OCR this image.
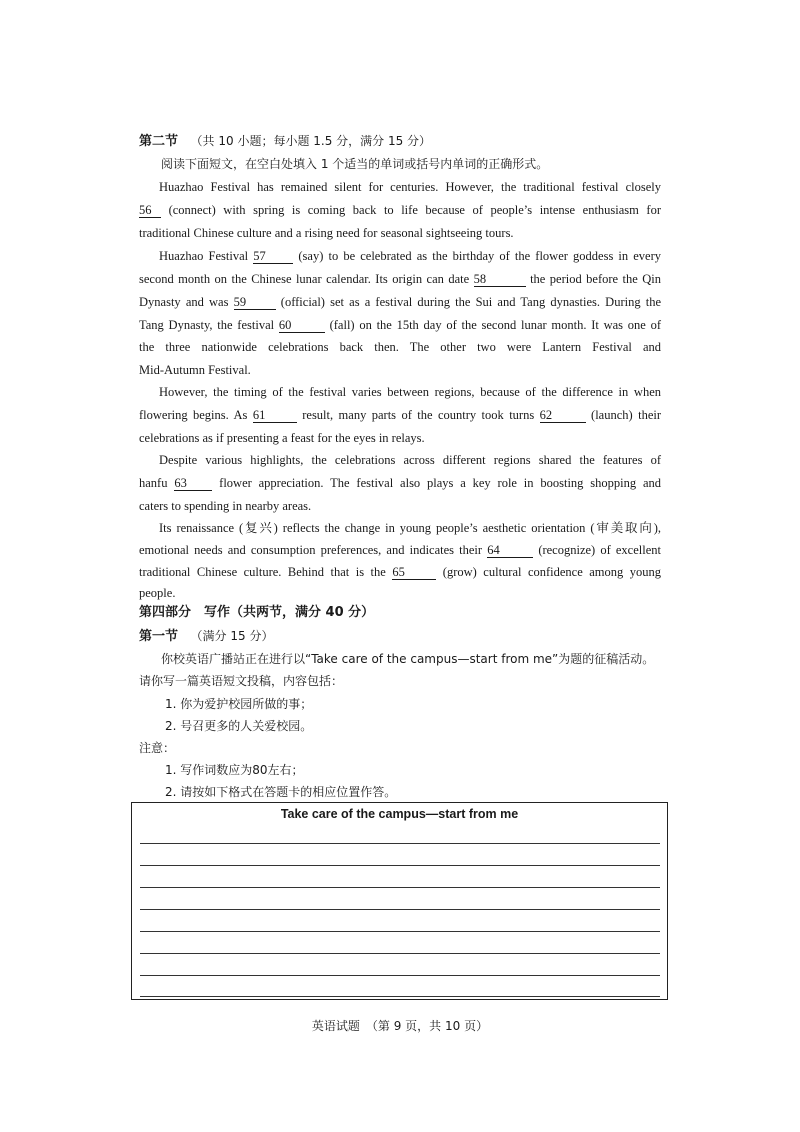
第二节 （共 10 小题；每小题 1.5 分，满分 15 分）
阅读下面短文，在空白处填入 1 个适当的单词或括号内单词的正确形式。
Huazhao Festival has remained silent for centuries. However, the traditional festival closely
56 (connect) with spring is coming back to life because of people’s intense enthusiasm for
traditional Chinese culture and a rising need for seasonal sightseeing tours.
Huazhao Festival 57	(say) to be celebrated as the birthday of the flower goddess in every
second month on the Chinese lunar calendar. Its origin can date 58	the period before the Qin
Dynasty and was 59	(official) set as a festival during the Sui and Tang dynasties. During the
Tang Dynasty, the festival 60	(fall) on the 15th day of the second lunar month. It was one of
the three nationwide celebrations back then. The other two were Lantern Festival and
Mid-Autumn Festival.
However, the timing of the festival varies between regions, because of the difference in when
flowering begins. As 61	result, many parts of the country took turns 62	(launch) their
celebrations as if presenting a feast for the eyes in relays.
Despite various highlights, the celebrations across different regions shared the features of
hanfu 63	flower appreciation. The festival also plays a key role in boosting shopping and
caters to spending in nearby areas.
Its renaissance (复兴) reflects the change in young people’s aesthetic orientation (审美取向),
emotional needs and consumption preferences, and indicates their 64	(recognize) of excellent
traditional Chinese culture. Behind that is the 65	(grow) cultural confidence among young
people.
第四部分　写作（共两节，满分 40 分）
第一节 （满分 15 分）
你校英语广播站正在进行以“Take care of the campus—start from me”为题的征稿活动。
请你写一篇英语短文投稿，内容包括：
1. 你为爱护校园所做的事；
2. 号召更多的人关爱校园。
注意：
1. 写作词数应为80左右；
2. 请按如下格式在答题卡的相应位置作答。
Take care of the campus—start from me
英语试题　（第 9 页，共 10 页）
